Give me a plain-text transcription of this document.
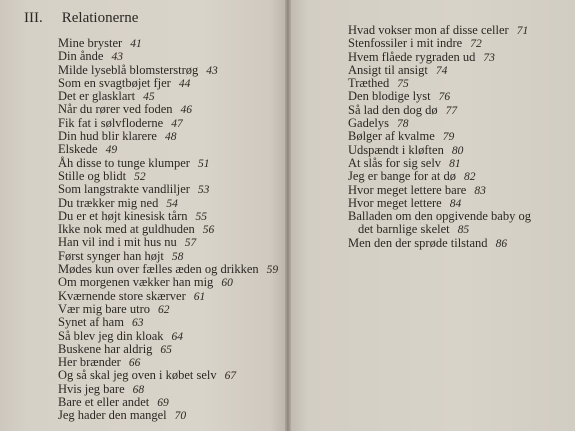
III. Relationerne
Mine bryster 41
Din ånde 43
Milde lyseblå blomsterstrøg 43
Som en svagtbøjet fjer 44
Det er glasklart 45
Når du rører ved foden 46
Fik fat i sølvfloderne 47
Din hud blir klarere 48
Elskede 49
Åh disse to tunge klumper 51
Stille og blidt 52
Som langstrakte vandliljer 53
Du trækker mig ned 54
Du er et højt kinesisk tårn 55
Ikke nok med at guldhuden 56
Han vil ind i mit hus nu 57
Først synger han højt 58
Mødes kun over fælles æden og drikken 59
Om morgenen vækker han mig 60
Kværnende store skærver 61
Vær mig bare utro 62
Synet af ham 63
Så blev jeg din kloak 64
Buskene har aldrig 65
Her brænder 66
Og så skal jeg oven i købet selv 67
Hvis jeg bare 68
Bare et eller andet 69
Jeg hader den mangel 70
Hvad vokser mon af disse celler 71
Stenfossiler i mit indre 72
Hvem flåede rygraden ud 73
Ansigt til ansigt 74
Træthed 75
Den blodige lyst 76
Så lad den dog dø 77
Gadelys 78
Bølger af kvalme 79
Udspændt i kløften 80
At slås for sig selv 81
Jeg er bange for at dø 82
Hvor meget lettere bare 83
Hvor meget lettere 84
Balladen om den opgivende baby og
det barnlige skelet 85
Men den der sprøde tilstand 86
